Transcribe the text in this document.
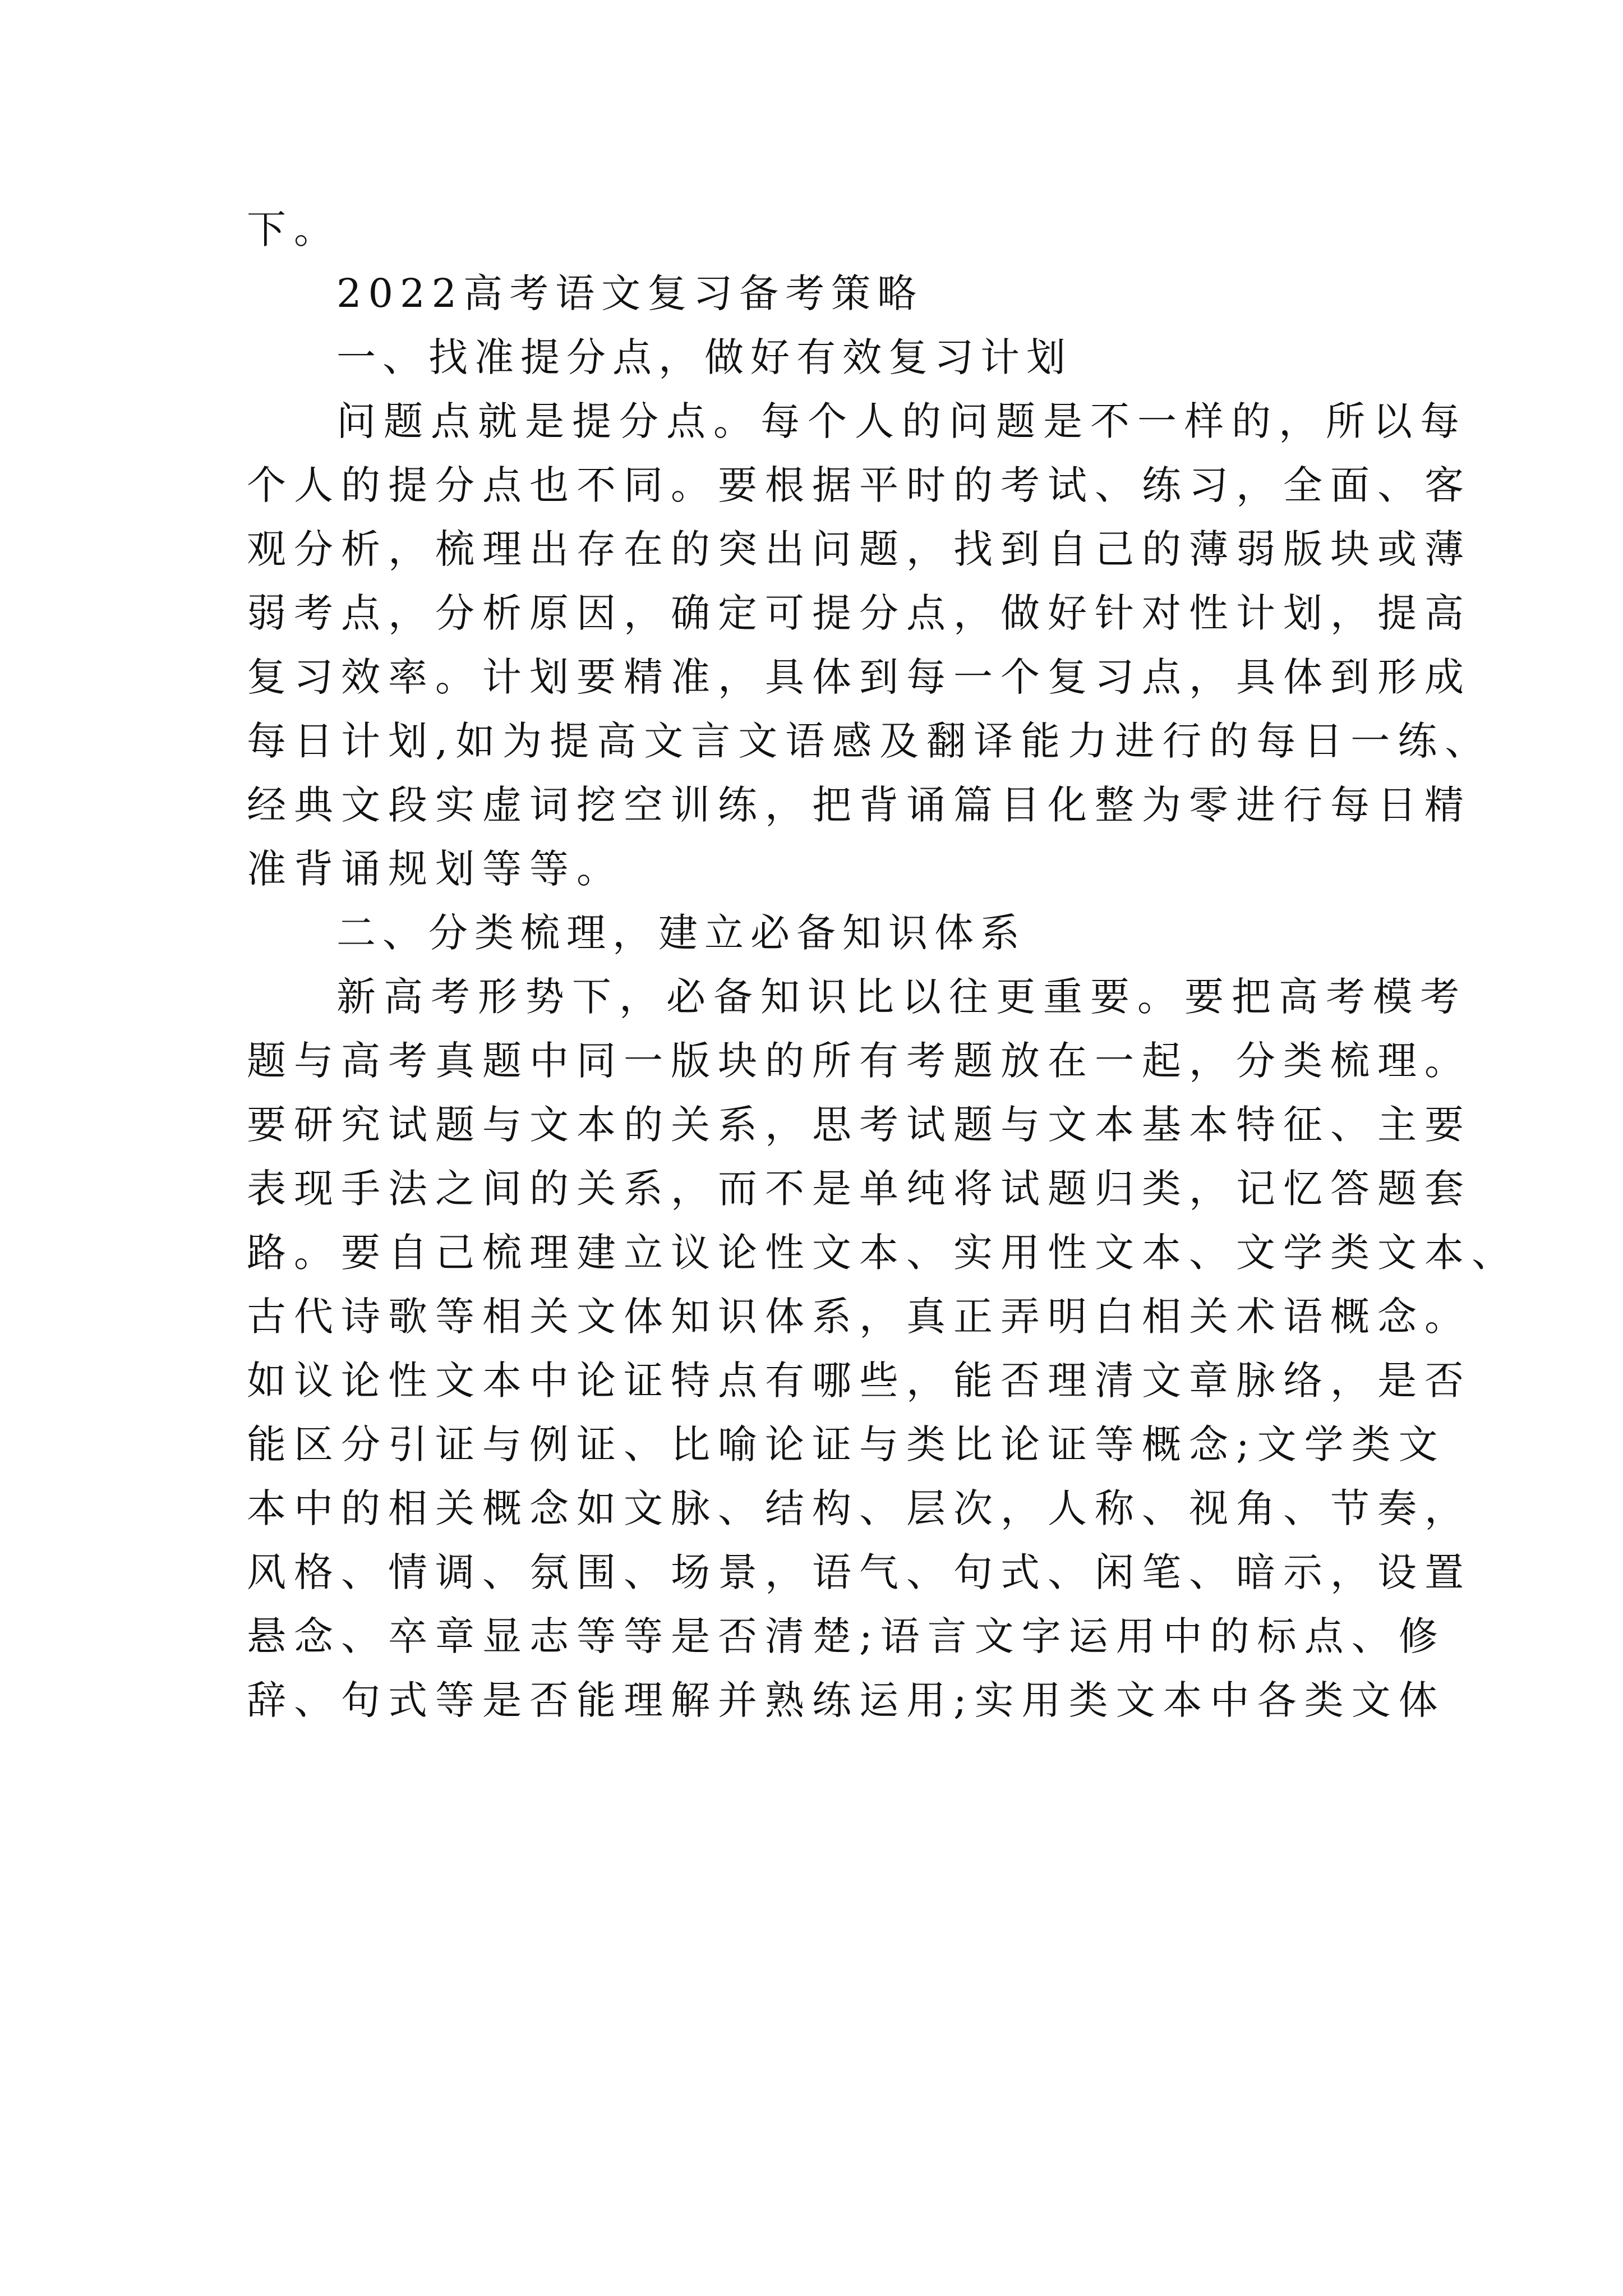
下。
2022高考语文复习备考策略
一、找准提分点，做好有效复习计划
问题点就是提分点。每个人的问题是不一样的，所以每
个人的提分点也不同。要根据平时的考试、练习，全面、客
观分析，梳理出存在的突出问题，找到自己的薄弱版块或薄
弱考点，分析原因，确定可提分点，做好针对性计划，提高
复习效率。计划要精准，具体到每一个复习点，具体到形成
每日计划,如为提高文言文语感及翻译能力进行的每日一练、
经典文段实虚词挖空训练，把背诵篇目化整为零进行每日精
准背诵规划等等。
二、分类梳理，建立必备知识体系
新高考形势下，必备知识比以往更重要。要把高考模考
题与高考真题中同一版块的所有考题放在一起，分类梳理。
要研究试题与文本的关系，思考试题与文本基本特征、主要
表现手法之间的关系，而不是单纯将试题归类，记忆答题套
路。要自己梳理建立议论性文本、实用性文本、文学类文本、
古代诗歌等相关文体知识体系，真正弄明白相关术语概念。
如议论性文本中论证特点有哪些，能否理清文章脉络，是否
能区分引证与例证、比喻论证与类比论证等概念;文学类文
本中的相关概念如文脉、结构、层次，人称、视角、节奏，
风格、情调、氛围、场景，语气、句式、闲笔、暗示，设置
悬念、卒章显志等等是否清楚;语言文字运用中的标点、修
辞、句式等是否能理解并熟练运用;实用类文本中各类文体
